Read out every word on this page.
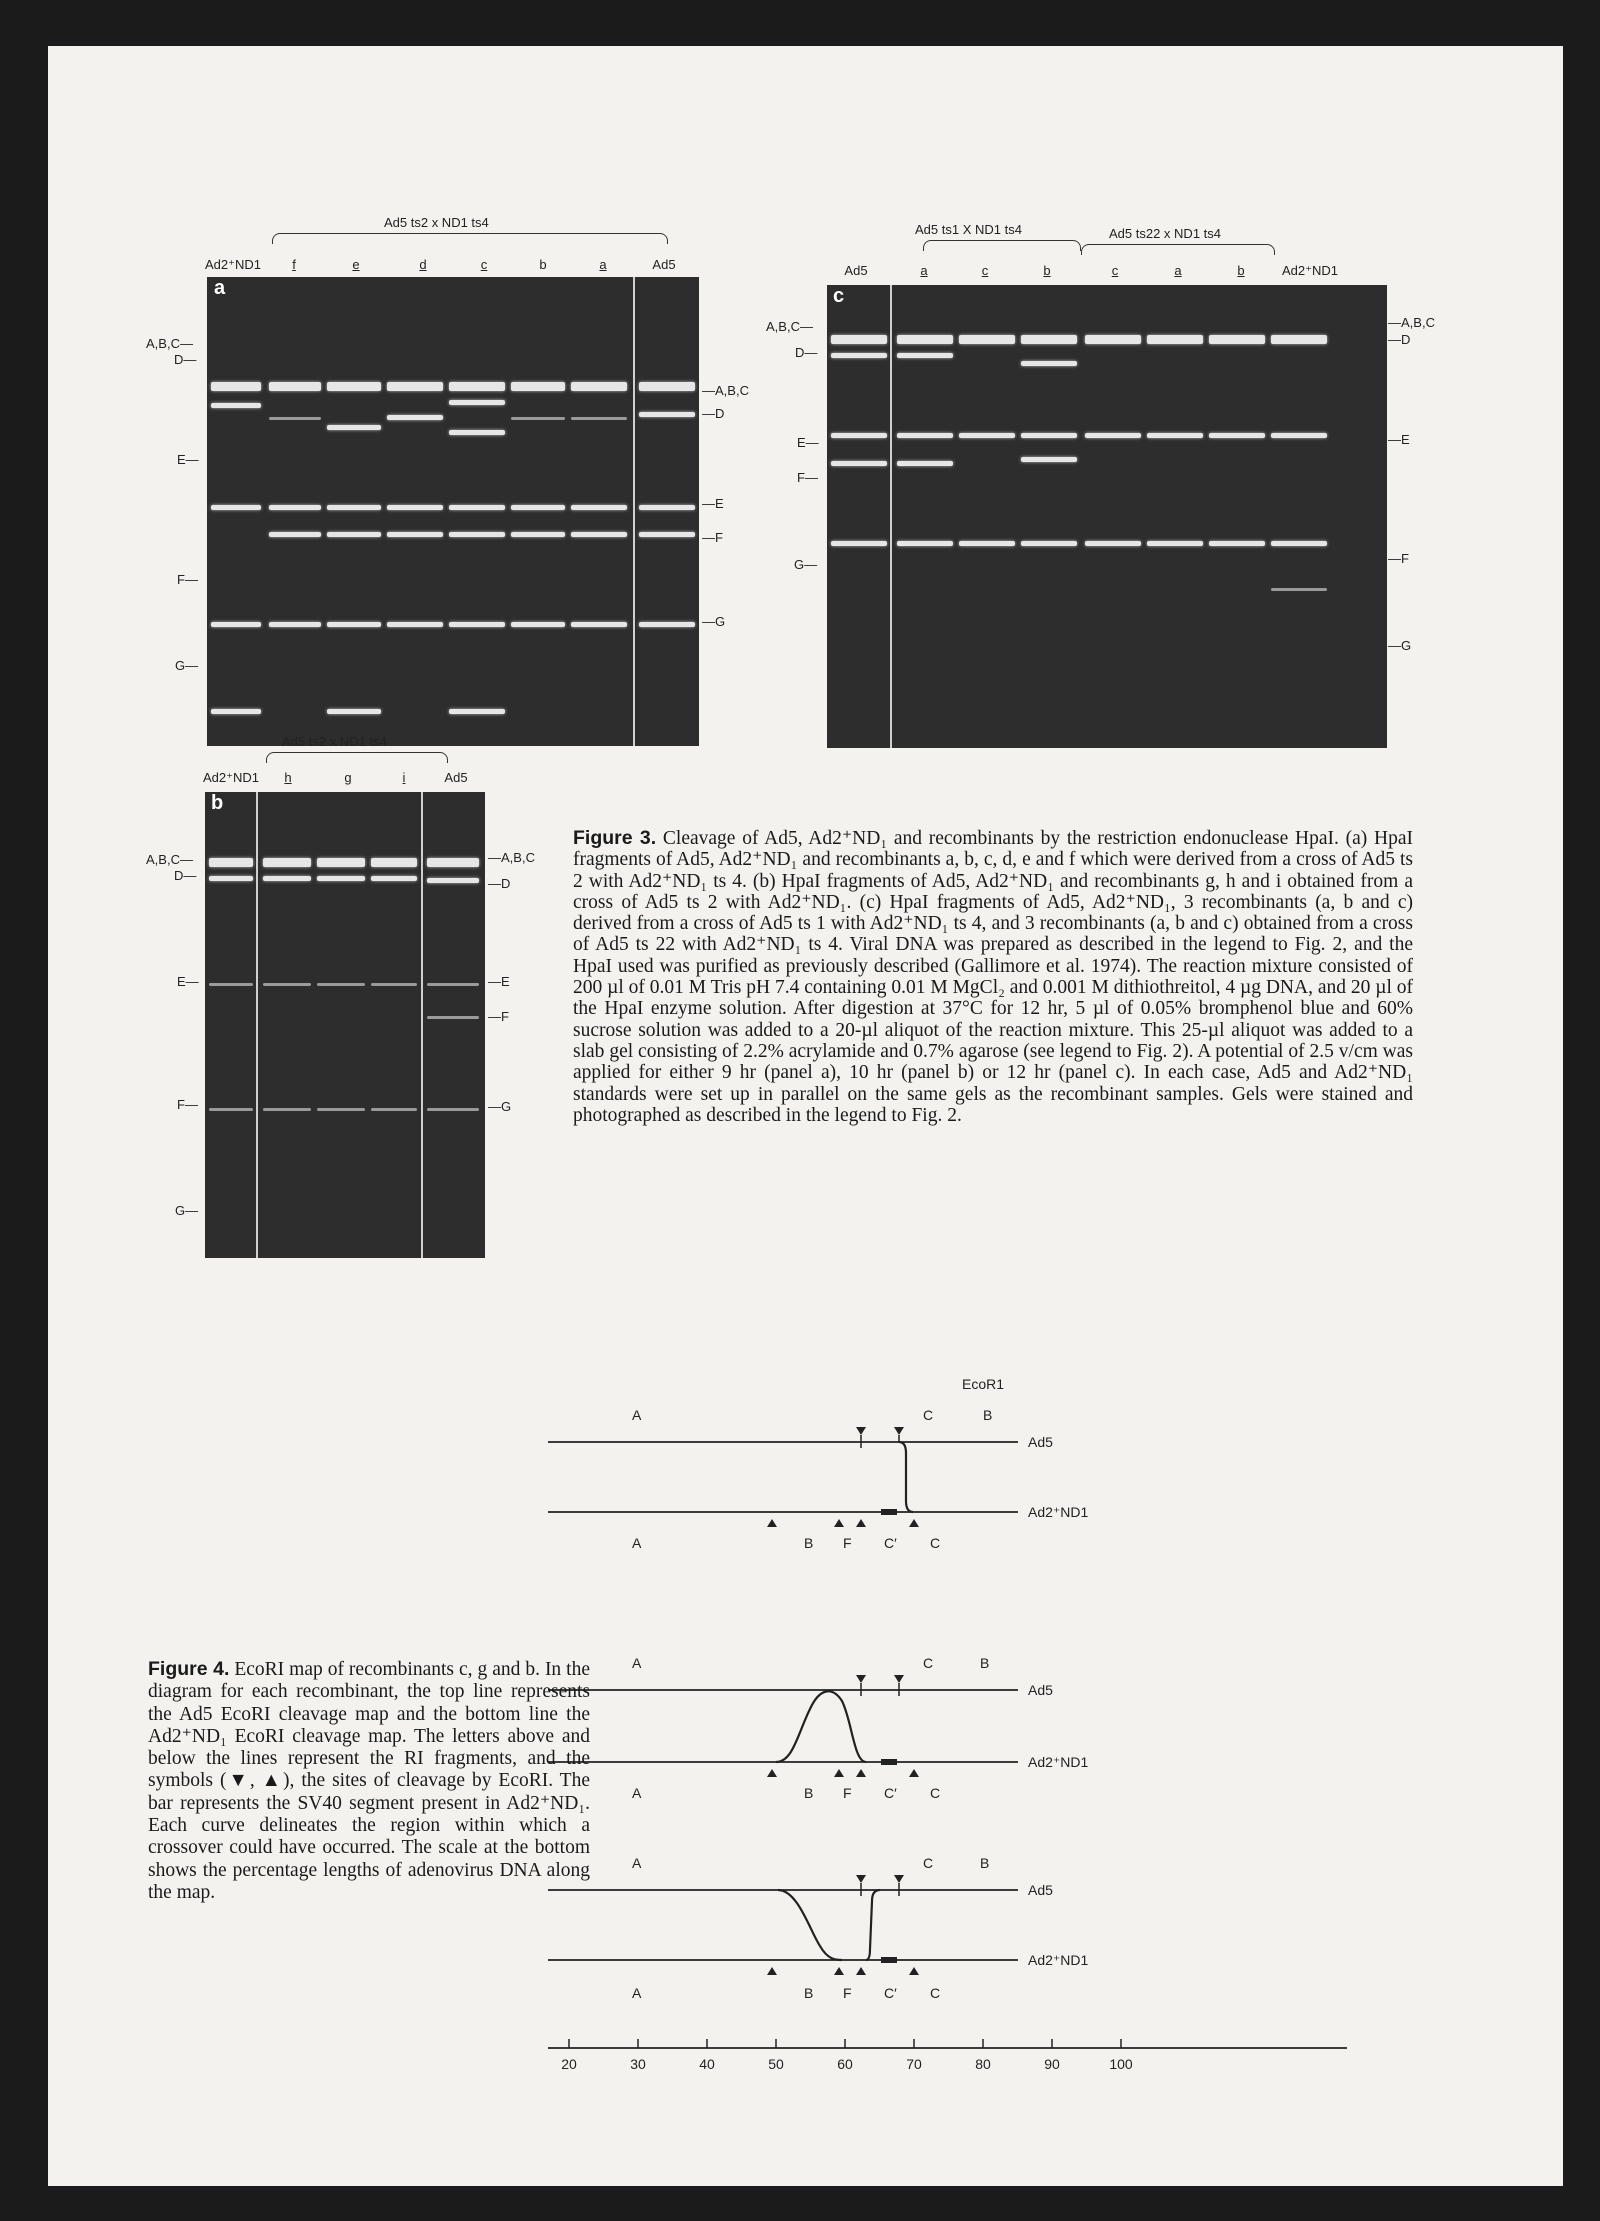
Ad5 ts2 x ND1 ts4
Ad2⁺ND1 f	e	d	c	b	a	Ad5
A,B,C—
D—
E—
F—
G—
a
—A,B,C
—D
—E
—F
—G
Ad5 ts1 X ND1 ts4	Ad5 ts22 x ND1 ts4
Ad5	a	c	b	c	a	b	Ad2⁺ND1
A,B,C—
D—
E—
F—
G—
c
—A,B,C
—D
—E
—F
—G
Ad5 ts2 x ND1 ts4
Ad2⁺ND1 h	g	i	Ad5
A,B,C—
D—
E—
F—
G—
b
—A,B,C
—D
—E
—F
—G
Figure 3. Cleavage of Ad5, Ad2⁺ND₁ and recombinants by the restriction endonuclease HpaI. (a) HpaI fragments of Ad5, Ad2⁺ND₁ and recombinants a, b, c, d, e and f which were derived from a cross of Ad5 ts 2 with Ad2⁺ND₁ ts 4. (b) HpaI fragments of Ad5, Ad2⁺ND₁ and recombinants g, h and i obtained from a cross of Ad5 ts 2 with Ad2⁺ND₁. (c) HpaI fragments of Ad5, Ad2⁺ND₁, 3 recombinants (a, b and c) derived from a cross of Ad5 ts 1 with Ad2⁺ND₁ ts 4, and 3 recombinants (a, b and c) obtained from a cross of Ad5 ts 22 with Ad2⁺ND₁ ts 4. Viral DNA was prepared as described in the legend to Fig. 2, and the HpaI used was purified as previously described (Gallimore et al. 1974). The reaction mixture consisted of 200 µl of 0.01 M Tris pH 7.4 containing 0.01 M MgCl₂ and 0.001 M dithiothreitol, 4 µg DNA, and 20 µl of the HpaI enzyme solution. After digestion at 37°C for 12 hr, 5 µl of 0.05% bromphenol blue and 60% sucrose solution was added to a 20-µl aliquot of the reaction mixture. This 25-µl aliquot was added to a slab gel consisting of 2.2% acrylamide and 0.7% agarose (see legend to Fig. 2). A potential of 2.5 v/cm was applied for either 9 hr (panel a), 10 hr (panel b) or 12 hr (panel c). In each case, Ad5 and Ad2⁺ND₁ standards were set up in parallel on the same gels as the recombinant samples. Gels were stained and photographed as described in the legend to Fig. 2.
EcoR1
A	C	B
Ad5
Ad2⁺ND1
A	B F C′ C
A	C	B
Ad5
Ad2⁺ND1
A	B F C′ C
A	C	B
Ad5
Ad2⁺ND1
A	B F C′ C
20	30	40	50	60	70	80	90	100
Figure 4. EcoRI map of recombinants c, g and b. In the diagram for each recombinant, the top line represents the Ad5 EcoRI cleavage map and the bottom line the Ad2⁺ND₁ EcoRI cleavage map. The letters above and below the lines represent the RI fragments, and the symbols (▼, ▲), the sites of cleavage by EcoRI. The bar represents the SV40 segment present in Ad2⁺ND₁. Each curve delineates the region within which a crossover could have occurred. The scale at the bottom shows the percentage lengths of adenovirus DNA along the map.
